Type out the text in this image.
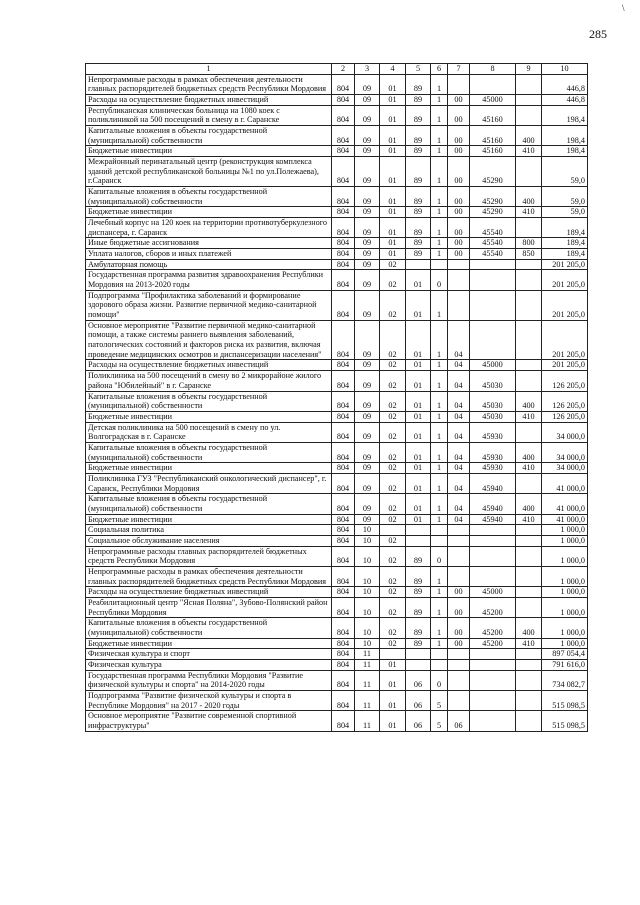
285
\
1	2	3	4	5	6	7	8	9	10
Непрограммные расходы в рамках обеспечения деятельности главных распорядителей бюджетных средств Республики Мордовия	804	09	01	89	1				446,8
Расходы на осуществление бюджетных инвестиций	804	09	01	89	1	00	45000		446,8
Республиканская клиническая больница на 1080 коек с поликлиникой на 500 посещений в смену в г. Саранске	804	09	01	89	1	00	45160		198,4
Капитальные вложения в объекты государственной (муниципальной) собственности	804	09	01	89	1	00	45160	400	198,4
Бюджетные инвестиции	804	09	01	89	1	00	45160	410	198,4
Межрайонный перинатальный центр (реконструкция комплекса зданий детской республиканской больницы №1 по ул.Полежаева), г.Саранск	804	09	01	89	1	00	45290		59,0
Капитальные вложения в объекты государственной (муниципальной) собственности	804	09	01	89	1	00	45290	400	59,0
Бюджетные инвестиции	804	09	01	89	1	00	45290	410	59,0
Лечебный корпус на 120 коек на территории противотуберкулезного диспансера, г. Саранск	804	09	01	89	1	00	45540		189,4
Иные бюджетные ассигнования	804	09	01	89	1	00	45540	800	189,4
Уплата налогов, сборов и иных платежей	804	09	01	89	1	00	45540	850	189,4
Амбулаторная помощь	804	09	02						201 205,0
Государственная программа развития здравоохранения Республики Мордовия на 2013-2020 годы	804	09	02	01	0				201 205,0
Подпрограмма "Профилактика заболеваний и формирование здорового образа жизни. Развитие первичной медико-санитарной помощи"	804	09	02	01	1				201 205,0
Основное мероприятие "Развитие первичной медико-санитарной помощи, а также системы раннего выявления заболеваний, патологических состояний и факторов риска их развития, включая проведение медицинских осмотров и диспансеризации населения"	804	09	02	01	1	04			201 205,0
Расходы на осуществление бюджетных инвестиций	804	09	02	01	1	04	45000		201 205,0
Поликлиника на 500 посещений в смену во 2 микрорайоне жилого района "Юбилейный" в г. Саранске	804	09	02	01	1	04	45030		126 205,0
Капитальные вложения в объекты государственной (муниципальной) собственности	804	09	02	01	1	04	45030	400	126 205,0
Бюджетные инвестиции	804	09	02	01	1	04	45030	410	126 205,0
Детская поликлиника на 500 посещений в смену по ул. Волгоградская в г. Саранске	804	09	02	01	1	04	45930		34 000,0
Капитальные вложения в объекты государственной (муниципальной) собственности	804	09	02	01	1	04	45930	400	34 000,0
Бюджетные инвестиции	804	09	02	01	1	04	45930	410	34 000,0
Поликлиника ГУЗ "Республиканский онкологический диспансер", г. Саранск, Республики Мордовия	804	09	02	01	1	04	45940		41 000,0
Капитальные вложения в объекты государственной (муниципальной) собственности	804	09	02	01	1	04	45940	400	41 000,0
Бюджетные инвестиции	804	09	02	01	1	04	45940	410	41 000,0
Социальная политика	804	10							1 000,0
Социальное обслуживание населения	804	10	02						1 000,0
Непрограммные расходы главных распорядителей бюджетных средств Республики Мордовия	804	10	02	89	0				1 000,0
Непрограммные расходы в рамках обеспечения деятельности главных распорядителей бюджетных средств Республики Мордовия	804	10	02	89	1				1 000,0
Расходы на осуществление бюджетных инвестиций	804	10	02	89	1	00	45000		1 000,0
Реабилитационный центр "Ясная Поляна", Зубово-Полянский район Республики Мордовия	804	10	02	89	1	00	45200		1 000,0
Капитальные вложения в объекты государственной (муниципальной) собственности	804	10	02	89	1	00	45200	400	1 000,0
Бюджетные инвестиции	804	10	02	89	1	00	45200	410	1 000,0
Физическая культура и спорт	804	11							897 054,4
Физическая культура	804	11	01						791 616,0
Государственная программа Республики Мордовия "Развитие физической культуры и спорта" на 2014-2020 годы	804	11	01	06	0				734 082,7
Подпрограмма "Развитие физической культуры и спорта в Республике Мордовия" на 2017 - 2020 годы	804	11	01	06	5				515 098,5
Основное мероприятие "Развитие современной спортивной инфраструктуры"	804	11	01	06	5	06			515 098,5
